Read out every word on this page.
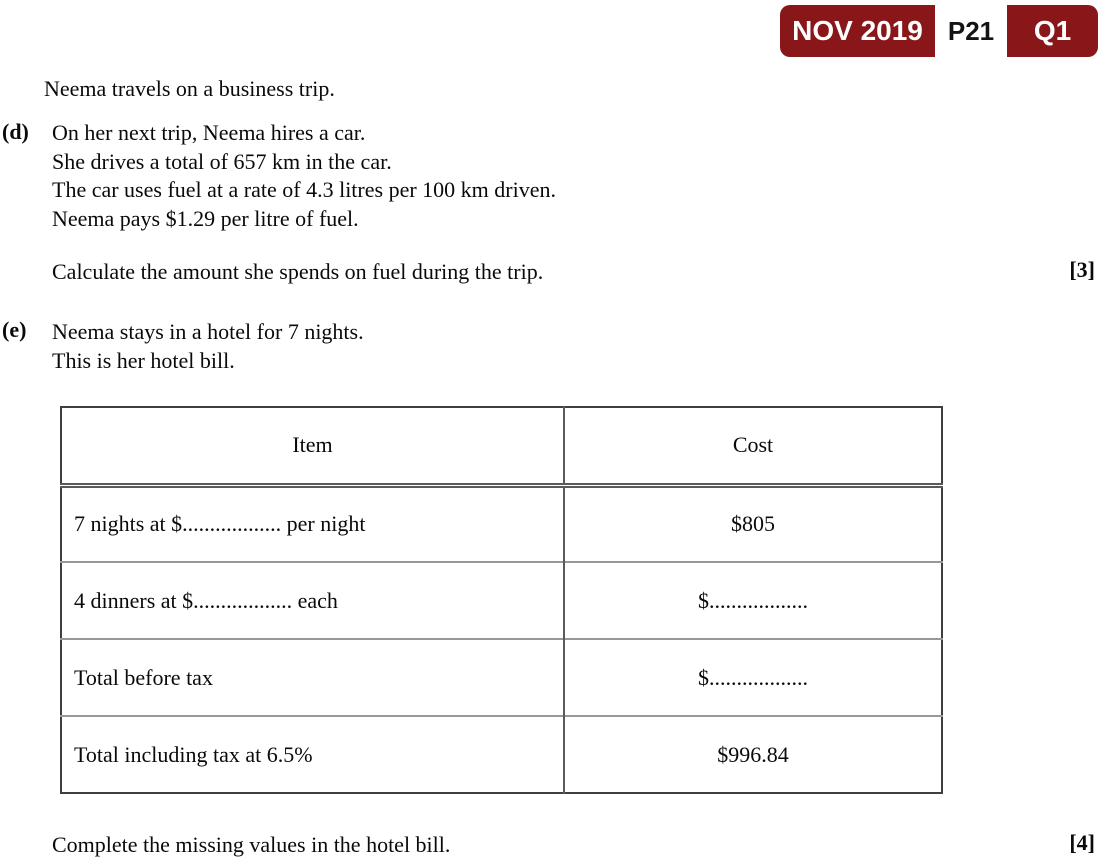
NOV 2019 P21	Q1
Neema travels on a business trip.
(d) On her next trip, Neema hires a car.
She drives a total of 657 km in the car.
The car uses fuel at a rate of 4.3 litres per 100 km driven.
Neema pays $1.29 per litre of fuel.
Calculate the amount she spends on fuel during the trip.	[3]
(e) Neema stays in a hotel for 7 nights.
This is her hotel bill.
Item	Cost
7 nights at $.................. per night	$805
4 dinners at $.................. each	$..................
Total before tax	$..................
Total including tax at 6.5%	$996.84
Complete the missing values in the hotel bill.	[4]
